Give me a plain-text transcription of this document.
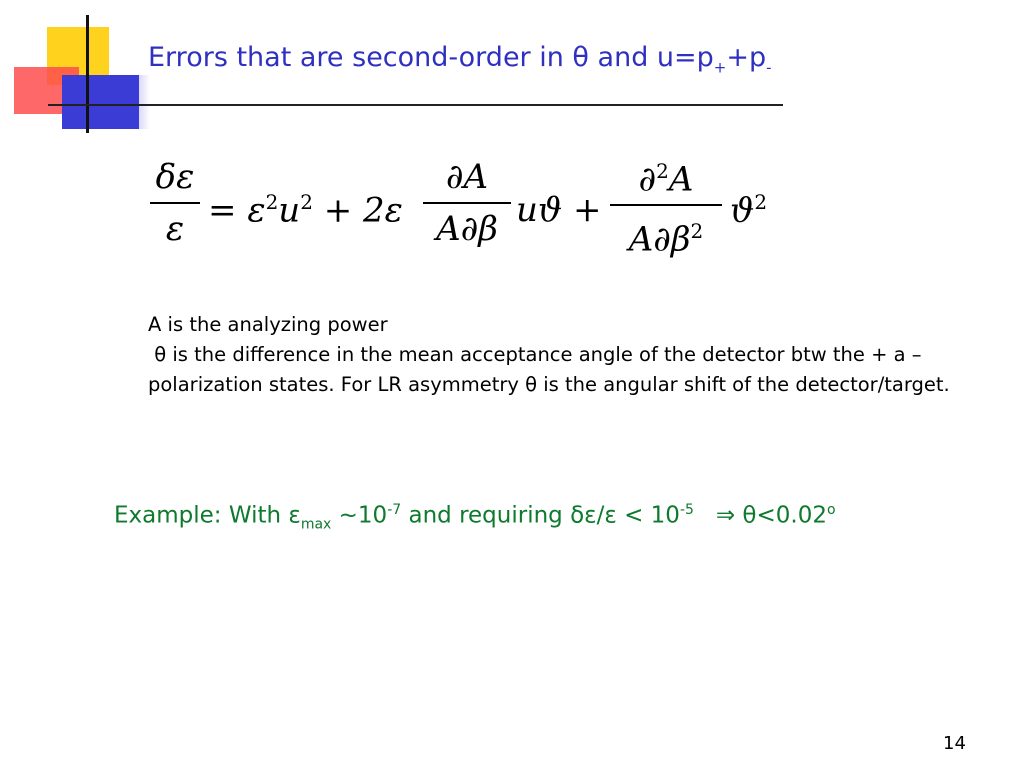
Errors that are second-order in θ and $u=p_++p_-$
δε
$\varepsilon = \varepsilon^2u^2 + 2\varepsilon$
∂A
A∂β uϑ +
∂$^2$A
$A\partial\beta^2$
$ϑ^2$

A is the analyzing power

θ is the difference in the mean acceptance angle of the detector btw the + a – polarization states. For LR asymmetry θ is the angular shift of the detector/target.

Example: With $\varepsilon_{max}$ $\sim 10^{-7}$ and requiring $\delta\varepsilon/\varepsilon < 10^{-5}$   ⇒ $\theta<0.02^o$
14
